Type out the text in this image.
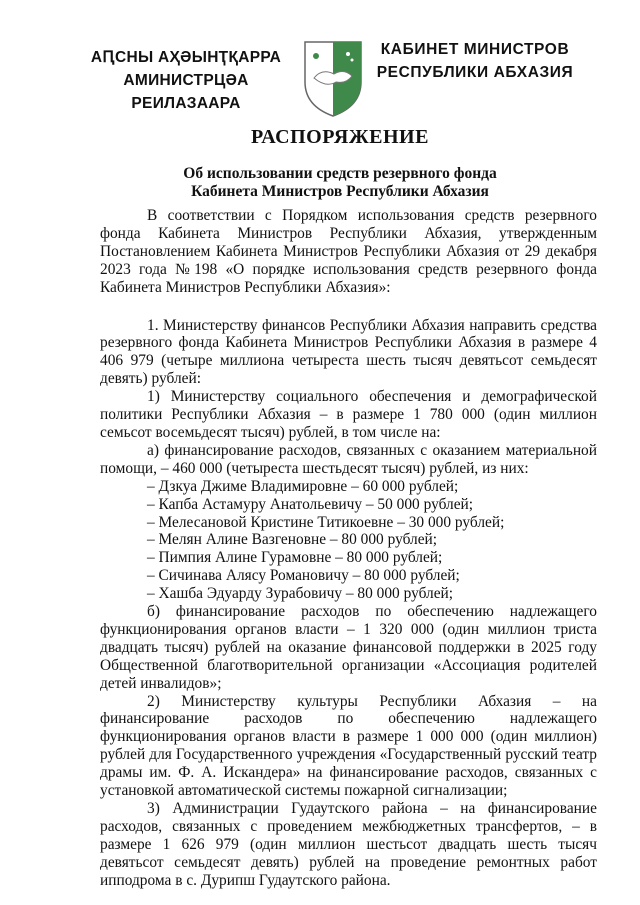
АԤСНЫ АҲӘЫНҬҚАРРА
АМИНИСТРЦӘА РЕИЛАЗААРА
КАБИНЕТ МИНИСТРОВ
РЕСПУБЛИКИ АБХАЗИЯ
РАСПОРЯЖЕНИЕ
Об использовании средств резервного фонда
Кабинета Министров Республики Абхазия

В соответствии с Порядком использования средств резервного фонда Кабинета Министров Республики Абхазия, утвержденным Постановлением Кабинета Министров Республики Абхазия от 29 декабря 2023 года №198 «О порядке использования средств резервного фонда Кабинета Министров Республики Абхазия»:

1. Министерству финансов Республики Абхазия направить средства резервного фонда Кабинета Министров Республики Абхазия в размере 4 406 979 (четыре миллиона четыреста шесть тысяч девятьсот семьдесят девять) рублей:

1) Министерству социального обеспечения и демографической политики Республики Абхазия – в размере 1 780 000 (один миллион семьсот восемьдесят тысяч) рублей, в том числе на:

а) финансирование расходов, связанных с оказанием материальной помощи, – 460 000 (четыреста шестьдесят тысяч) рублей, из них:

– Дзкуа Джиме Владимировне – 60 000 рублей;

– Капба Астамуру Анатольевичу – 50 000 рублей;

– Мелесановой Кристине Титикоевне – 30 000 рублей;

– Мелян Алине Вазгеновне – 80 000 рублей;

– Пимпия Алине Гурамовне – 80 000 рублей;

– Сичинава Алясу Романовичу – 80 000 рублей;

– Хашба Эдуарду Зурабовичу – 80 000 рублей;

б) финансирование расходов по обеспечению надлежащего функционирования органов власти – 1 320 000 (один миллион триста двадцать тысяч) рублей на оказание финансовой поддержки в 2025 году Общественной благотворительной организации «Ассоциация родителей детей инвалидов»;

2) Министерству культуры Республики Абхазия – на финансирование расходов по обеспечению надлежащего функционирования органов власти в размере 1 000 000 (один миллион) рублей для Государственного учреждения «Государственный русский театр драмы им. Ф. А. Искандера» на финансирование расходов, связанных с установкой автоматической системы пожарной сигнализации;

3) Администрации Гудаутского района – на финансирование расходов, связанных с проведением межбюджетных трансфертов, – в размере 1 626 979 (один миллион шестьсот двадцать шесть тысяч девятьсот семьдесят девять) рублей на проведение ремонтных работ ипподрома в с. Дурипш Гудаутского района.
